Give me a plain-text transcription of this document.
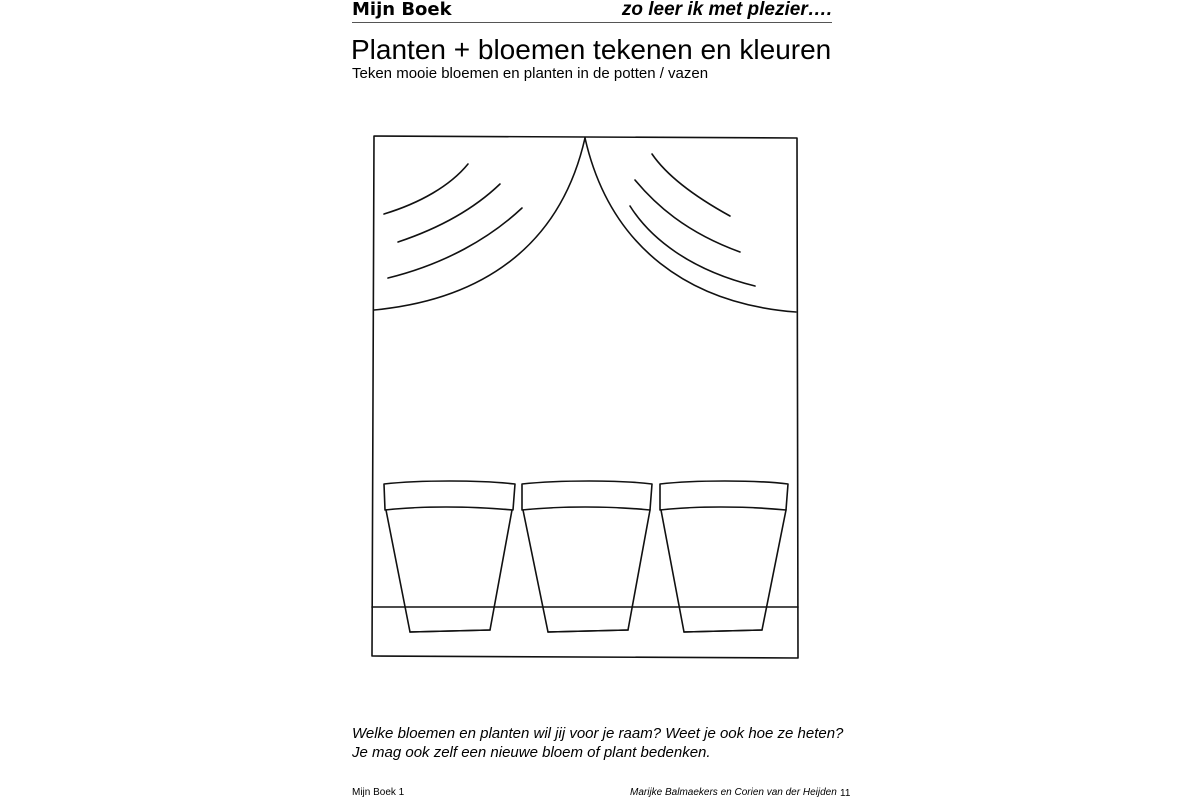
Mijn Boek	zo leer ik met plezier….
Planten + bloemen tekenen en kleuren
Teken mooie bloemen en planten in de potten / vazen
Welke bloemen en planten wil jij voor je raam? Weet je ook hoe ze heten?
Je mag ook zelf een nieuwe bloem of plant bedenken.
Mijn Boek 1	Marijke Balmaekers en Corien van der Heijden 11
